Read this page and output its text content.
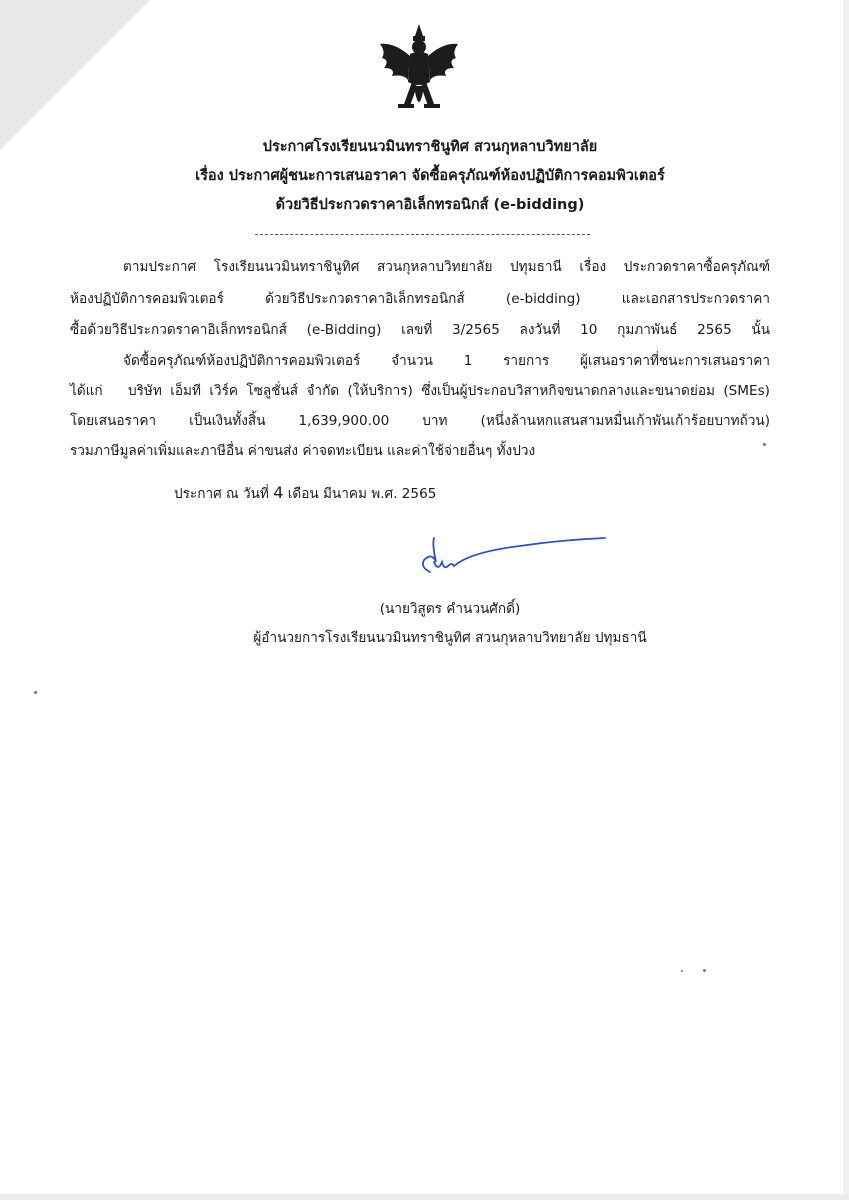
ประกาศโรงเรียนนวมินทราชินูทิศ สวนกุหลาบวิทยาลัย
เรื่อง ประกาศผู้ชนะการเสนอราคา จัดซื้อครุภัณฑ์ห้องปฏิบัติการคอมพิวเตอร์
ด้วยวิธีประกวดราคาอิเล็กทรอนิกส์ (e-bidding)
ตามประกาศ โรงเรียนนวมินทราชินูทิศ สวนกุหลาบวิทยาลัย ปทุมธานี เรื่อง ประกวดราคาซื้อครุภัณฑ์
ห้องปฏิบัติการคอมพิวเตอร์ ด้วยวิธีประกวดราคาอิเล็กทรอนิกส์ (e-bidding) และเอกสารประกวดราคา
ซื้อด้วยวิธีประกวดราคาอิเล็กทรอนิกส์ (e-Bidding) เลขที่ 3/2565 ลงวันที่ 10 กุมภาพันธ์ 2565 นั้น
จัดซื้อครุภัณฑ์ห้องปฏิบัติการคอมพิวเตอร์ จำนวน 1 รายการ ผู้เสนอราคาที่ชนะการเสนอราคา
ได้แก่ บริษัท เอ็มที เวิร์ค โซลูชั่นส์ จำกัด (ให้บริการ) ซึ่งเป็นผู้ประกอบวิสาหกิจขนาดกลางและขนาดย่อม (SMEs)
โดยเสนอราคา เป็นเงินทั้งสิ้น 1,639,900.00 บาท (หนึ่งล้านหกแสนสามหมื่นเก้าพันเก้าร้อยบาทถ้วน)
รวมภาษีมูลค่าเพิ่มและภาษีอื่น ค่าขนส่ง ค่าจดทะเบียน และค่าใช้จ่ายอื่นๆ ทั้งปวง
ประกาศ ณ วันที่ 4 เดือน มีนาคม พ.ศ. 2565
(นายวิสูตร คำนวนศักดิ์)
ผู้อำนวยการโรงเรียนนวมินทราชินูทิศ สวนกุหลาบวิทยาลัย ปทุมธานี
